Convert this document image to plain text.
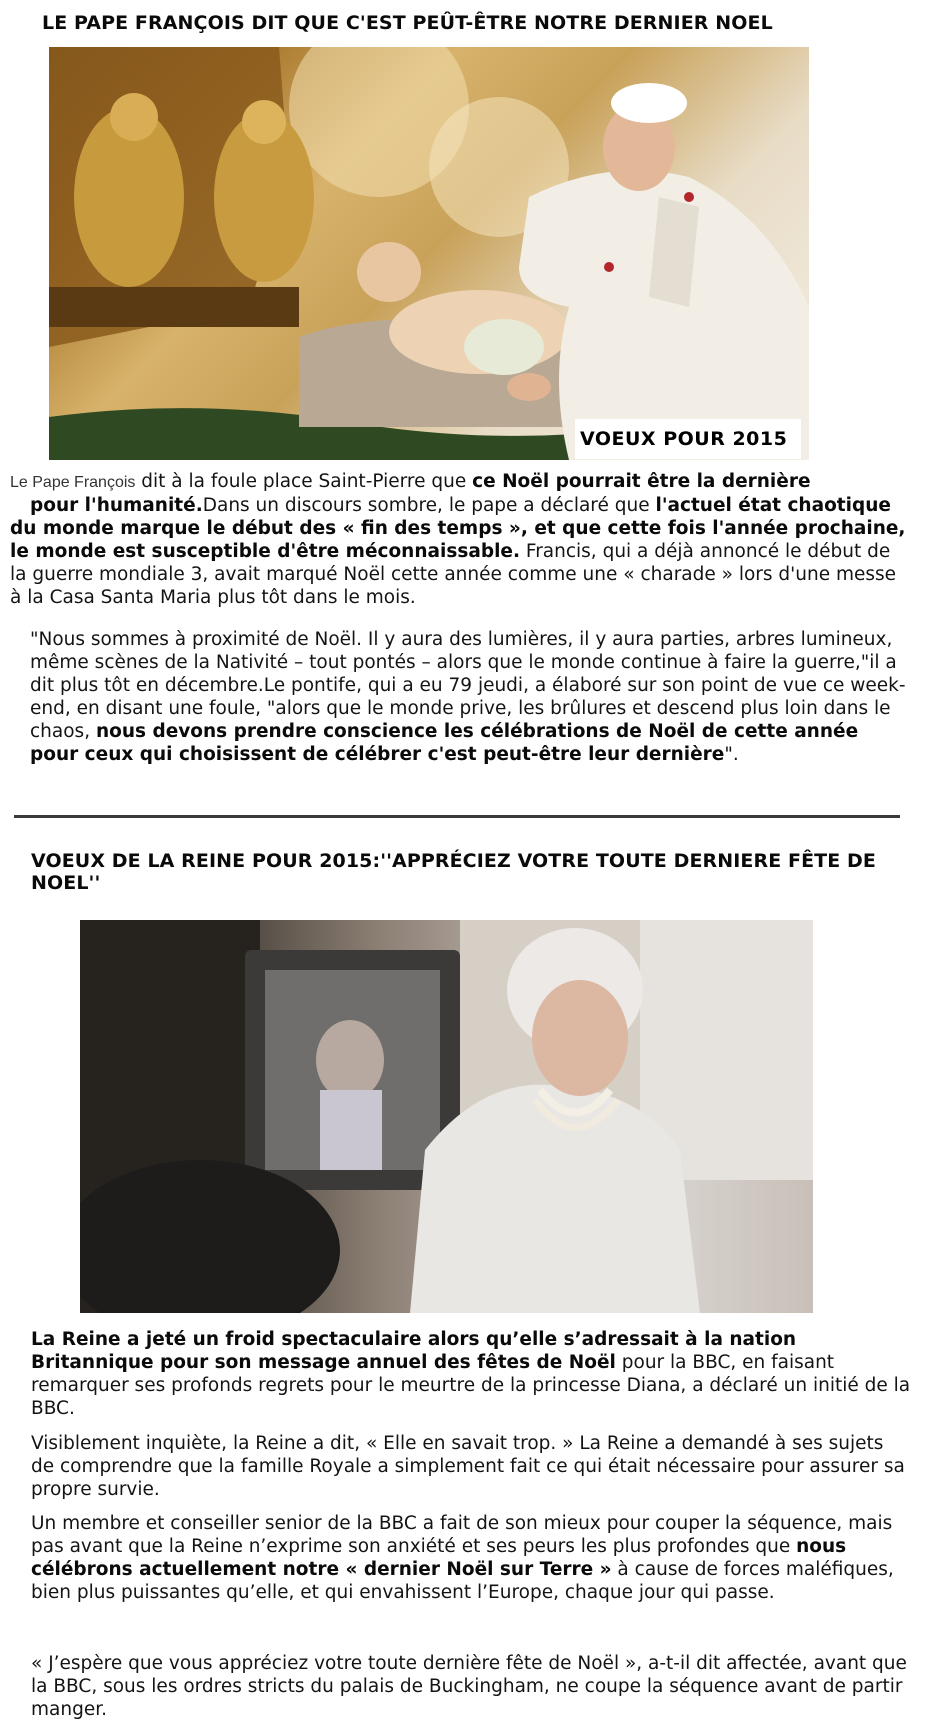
LE PAPE FRANÇOIS DIT QUE C'EST PEÛT-ÊTRE NOTRE DERNIER NOEL
VOEUX POUR 2015
Le Pape François dit à la foule place Saint-Pierre que ce Noël pourrait être la dernière
pour l'humanité.Dans un discours sombre, le pape a déclaré que l'actuel état chaotique du monde marque le début des « fin des temps », et que cette fois l'année prochaine, le monde est susceptible d'être méconnaissable. Francis, qui a déjà annoncé le début de la guerre mondiale 3, avait marqué Noël cette année comme une « charade » lors d'une messe à la Casa Santa Maria plus tôt dans le mois.
"Nous sommes à proximité de Noël. Il y aura des lumières, il y aura parties, arbres lumineux, même scènes de la Nativité – tout pontés – alors que le monde continue à faire la guerre,"il a dit plus tôt en décembre.Le pontife, qui a eu 79 jeudi, a élaboré sur son point de vue ce week-end, en disant une foule, "alors que le monde prive, les brûlures et descend plus loin dans le chaos, nous devons prendre conscience les célébrations de Noël de cette année pour ceux qui choisissent de célébrer c'est peut-être leur dernière".
VOEUX DE LA REINE POUR 2015:''APPRÉCIEZ VOTRE TOUTE DERNIERE FÊTE DE NOEL''
La Reine a jeté un froid spectaculaire alors qu’elle s’adressait à la nation Britannique pour son message annuel des fêtes de Noël pour la BBC, en faisant remarquer ses profonds regrets pour le meurtre de la princesse Diana, a déclaré un initié de la BBC.
Visiblement inquiète, la Reine a dit, « Elle en savait trop. » La Reine a demandé à ses sujets de comprendre que la famille Royale a simplement fait ce qui était nécessaire pour assurer sa propre survie.
Un membre et conseiller senior de la BBC a fait de son mieux pour couper la séquence, mais pas avant que la Reine n’exprime son anxiété et ses peurs les plus profondes que nous célébrons actuellement notre « dernier Noël sur Terre » à cause de forces maléfiques, bien plus puissantes qu’elle, et qui envahissent l’Europe, chaque jour qui passe.
« J’espère que vous appréciez votre toute dernière fête de Noël », a-t-il dit affectée, avant que la BBC, sous les ordres stricts du palais de Buckingham, ne coupe la séquence avant de partir manger.
